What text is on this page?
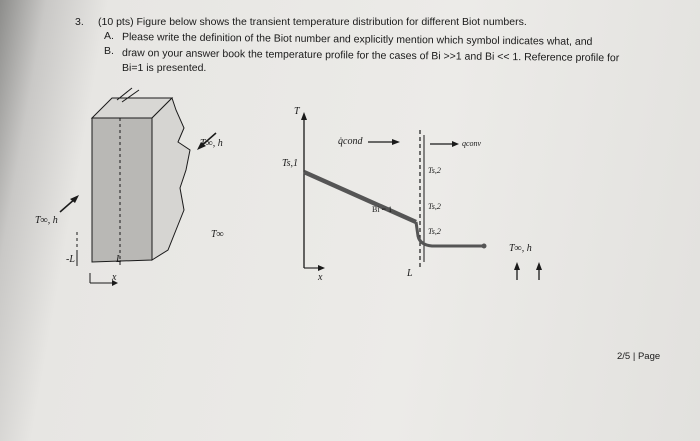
3. (10 pts) Figure below shows the transient temperature distribution for different Biot numbers.
A. Please write the definition of the Biot number and explicitly mention which symbol indicates what, and
B. draw on your answer book the temperature profile for the cases of Bi >>1 and Bi << 1. Reference profile for
Bi=1 is presented.
T∞, h
T∞, h
T∞
-L	L
x
T
Ts,1
q̇cond	qconv
Ts,2
Bi = 1	Ts,2
Ts,2
T∞, h
L
x
2/5 | Page
